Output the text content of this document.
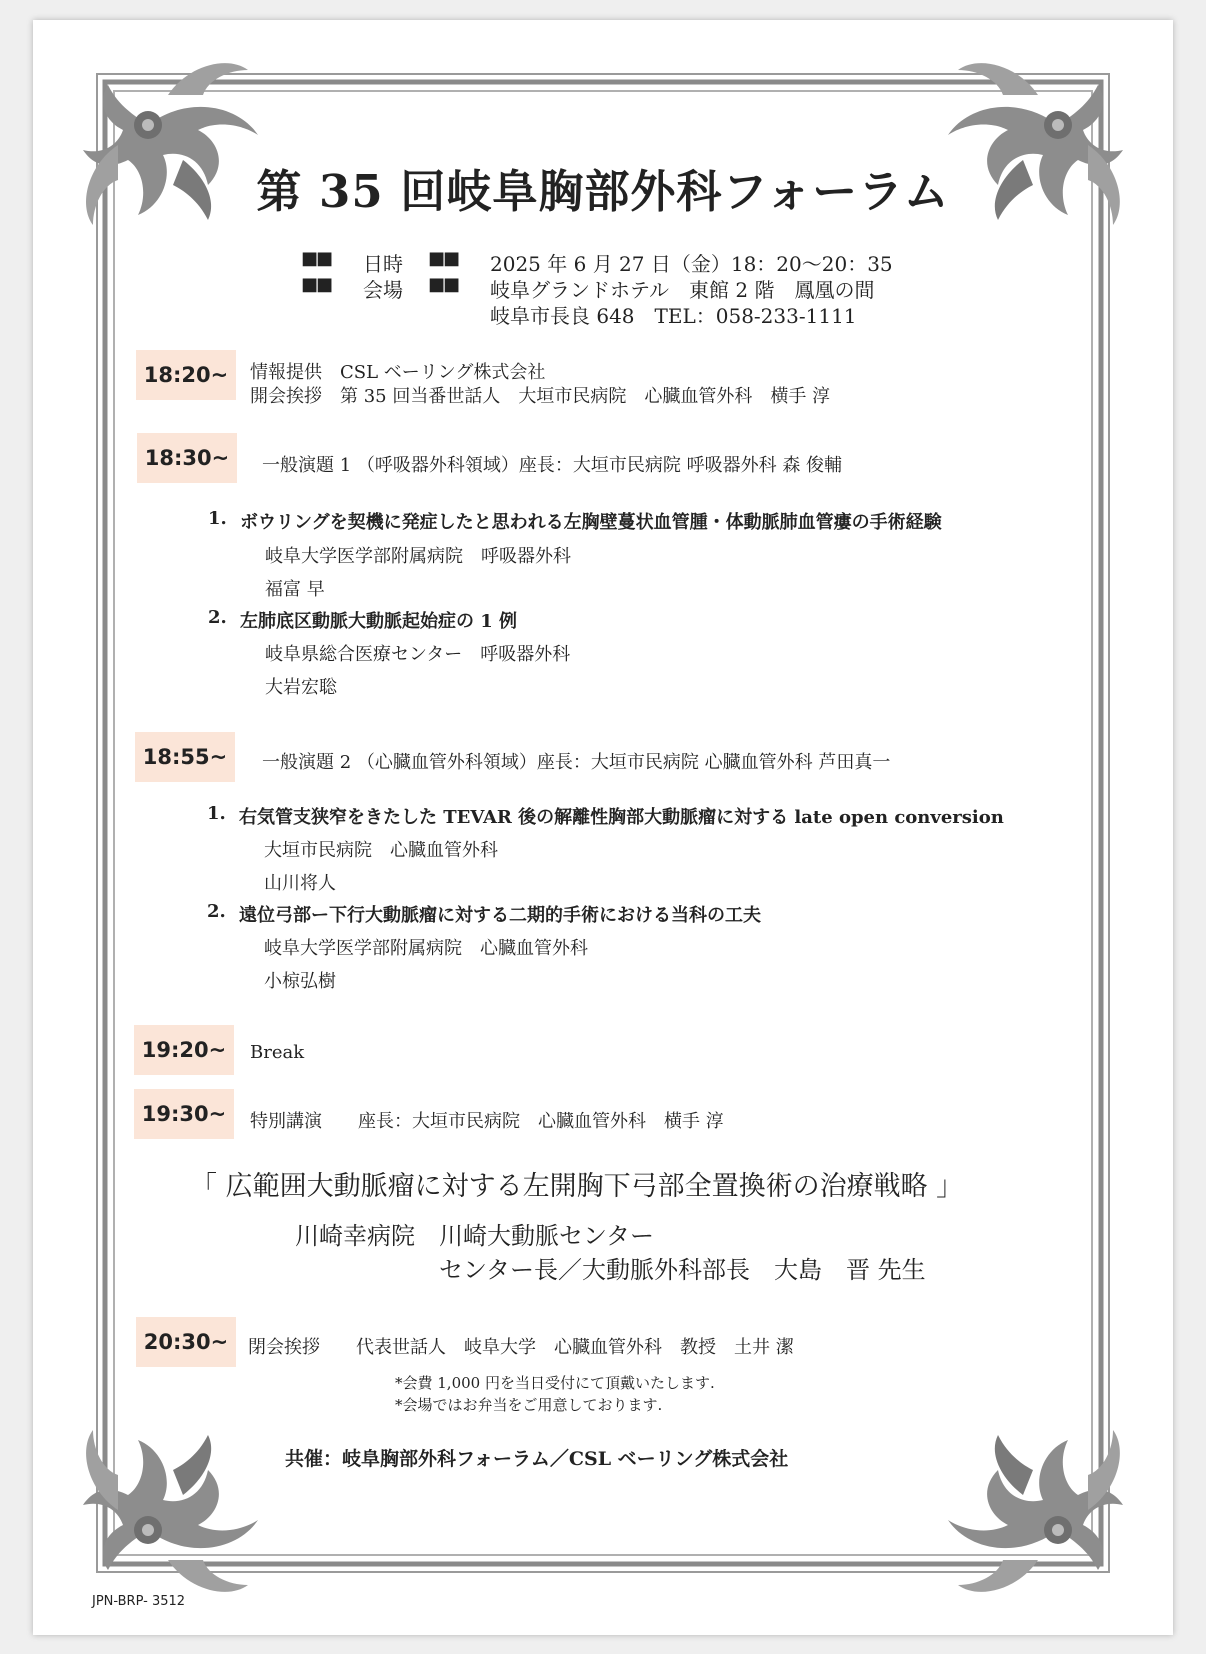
第 35 回岐阜胸部外科フォーラム
■■ 日時 ■■ 2025 年 6 月 27 日（金）18：20〜20：35
■■ 会場 ■■ 岐阜グランドホテル　東館 2 階　鳳凰の間
岐阜市長良 648　TEL：058-233-1111
18:20~	情報提供　CSL ベーリング株式会社
開会挨拶　第 35 回当番世話人　大垣市民病院　心臓血管外科　横手 淳
18:30~	一般演題 1 （呼吸器外科領域）座長：大垣市民病院 呼吸器外科 森 俊輔
1. ボウリングを契機に発症したと思われる左胸壁蔓状血管腫・体動脈肺血管瘻の手術経験
岐阜大学医学部附属病院　呼吸器外科
福富 早
2. 左肺底区動脈大動脈起始症の 1 例
岐阜県総合医療センター　呼吸器外科
大岩宏聡
18:55~	一般演題 2 （心臓血管外科領域）座長：大垣市民病院 心臓血管外科 芦田真一
1. 右気管支狭窄をきたした TEVAR 後の解離性胸部大動脈瘤に対する late open conversion
大垣市民病院　心臓血管外科
山川将人
2. 遠位弓部ー下行大動脈瘤に対する二期的手術における当科の工夫
岐阜大学医学部附属病院　心臓血管外科
小椋弘樹
19:20~	Break
19:30~	特別講演　　座長：大垣市民病院　心臓血管外科　横手 淳
「 広範囲大動脈瘤に対する左開胸下弓部全置換術の治療戦略 」
川崎幸病院　川崎大動脈センター
センター長／大動脈外科部長　大島　晋 先生
20:30~	閉会挨拶　　代表世話人　岐阜大学　心臓血管外科　教授　土井 潔
*会費 1,000 円を当日受付にて頂戴いたします.
*会場ではお弁当をご用意しております.
共催：岐阜胸部外科フォーラム／CSL ベーリング株式会社
JPN-BRP- 3512
